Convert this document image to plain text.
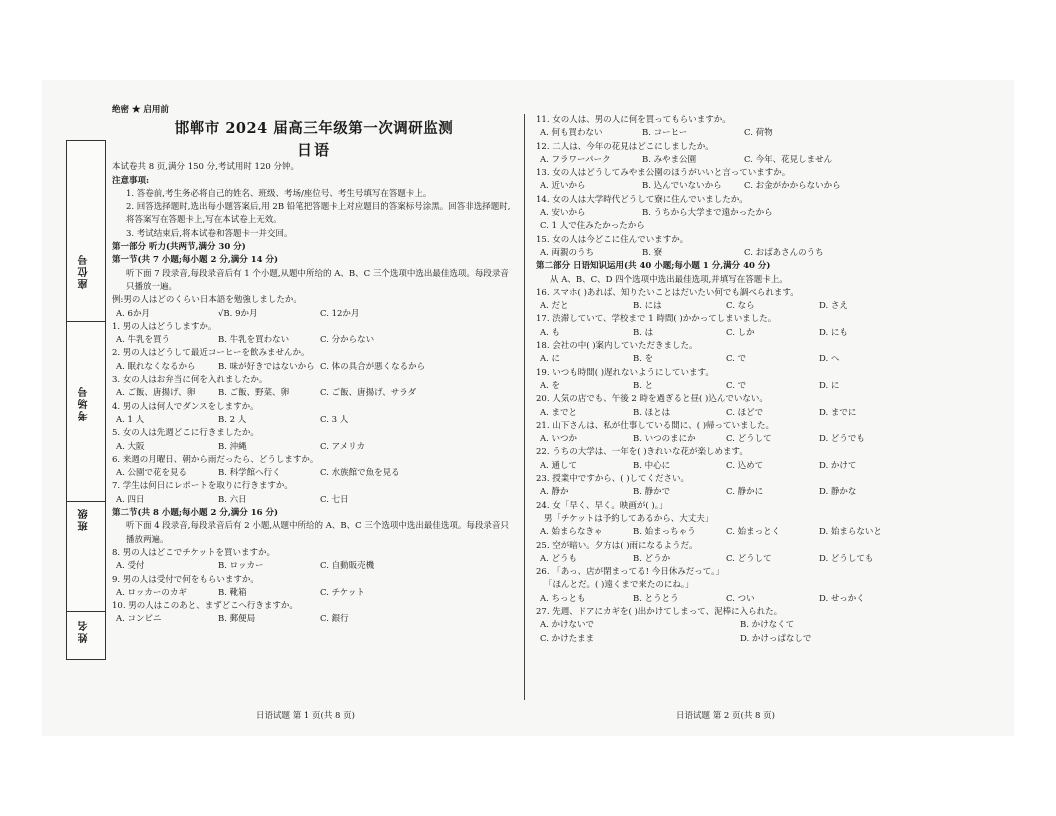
座位号
考场号
班级
姓名
绝密 ★ 启用前
邯郸市 2024 届高三年级第一次调研监测
日语
本试卷共 8 页,满分 150 分,考试用时 120 分钟。
注意事项:
1. 答卷前,考生务必将自己的姓名、班级、考场/座位号、考生号填写在答题卡上。
2. 回答选择题时,选出每小题答案后,用 2B 铅笔把答题卡上对应题目的答案标号涂黑。回答非选择题时,将答案写在答题卡上,写在本试卷上无效。
3. 考试结束后,将本试卷和答题卡一并交回。
第一部分 听力(共两节,满分 30 分)
第一节(共 7 小题;每小题 2 分,满分 14 分)
听下面 7 段录音,每段录音后有 1 个小题,从题中所给的 A、B、C 三个选项中选出最佳选项。每段录音只播放一遍。
例:男の人はどのくらい日本語を勉強しましたか。
A. 6か月	√B. 9か月	C. 12か月
1. 男の人はどうしますか。
A. 牛乳を買う	B. 牛乳を買わない	C. 分からない
2. 男の人はどうして最近コーヒーを飲みませんか。
A. 眠れなくなるから	B. 味が好きではないから C. 体の具合が悪くなるから
3. 女の人はお弁当に何を入れましたか。
A. ご飯、唐揚げ、卵	B. ご飯、野菜、卵	C. ご飯、唐揚げ、サラダ
4. 男の人は何人でダンスをしますか。
A. 1 人	B. 2 人	C. 3 人
5. 女の人は先週どこに行きましたか。
A. 大阪	B. 沖縄	C. アメリカ
6. 来週の月曜日、朝から雨だったら、どうしますか。
A. 公園で花を見る	B. 科学館へ行く	C. 水族館で魚を見る
7. 学生は何日にレポートを取りに行きますか。
A. 四日	B. 六日	C. 七日
第二节(共 8 小题;每小题 2 分,满分 16 分)
听下面 4 段录音,每段录音后有 2 小题,从题中所给的 A、B、C 三个选项中选出最佳选项。每段录音只播放两遍。
8. 男の人はどこでチケットを買いますか。
A. 受付	B. ロッカー	C. 自動販売機
9. 男の人は受付で何をもらいますか。
A. ロッカーのカギ	B. 靴箱	C. チケット
10. 男の人はこのあと、まずどこへ行きますか。
A. コンビニ	B. 郵便局	C. 銀行
11. 女の人は、男の人に何を買ってもらいますか。
A. 何も買わない	B. コーヒー	C. 荷物
12. 二人は、今年の花見はどこにしましたか。
A. フラワーパーク	B. みやま公園	C. 今年、花見しません
13. 女の人はどうしてみやま公園のほうがいいと言っていますか。
A. 近いから	B. 込んでいないから	C. お金がかからないから
14. 女の人は大学時代どうして寮に住んでいましたか。
A. 安いから	B. うちから大学まで遠かったから
C. 1 人で住みたかったから
15. 女の人は今どこに住んでいますか。
A. 両親のうち	B. 寮	C. おばあさんのうち
第二部分 日语知识运用(共 40 小题;每小题 1 分,满分 40 分)
从 A、B、C、D 四个选项中选出最佳选项,并填写在答题卡上。
16. スマホ( )あれば、知りたいことはだいたい何でも調べられます。
A. だと	B. には	C. なら	D. さえ
17. 渋滞していて、学校まで 1 時間( )かかってしまいました。
A. も	B. は	C. しか	D. にも
18. 会社の中( )案内していただきました。
A. に	B. を	C. で	D. へ
19. いつも時間( )遅れないようにしています。
A. を	B. と	C. で	D. に
20. 人気の店でも、午後 2 時を過ぎると昼( )込んでいない。
A. までと	B. ほとは	C. ほどで	D. までに
21. 山下さんは、私が仕事している間に、( )帰っていました。
A. いつか	B. いつのまにか	C. どうして	D. どうでも
22. うちの大学は、一年を( )きれいな花が楽しめます。
A. 通して	B. 中心に	C. 込めて	D. かけて
23. 授業中ですから、( )してください。
A. 静か	B. 静かで	C. 静かに	D. 静かな
24. 女「早く、早く。映画が( )。」
男「チケットは予約してあるから、大丈夫」
A. 始まらなきゃ	B. 始まっちゃう	C. 始まっとく	D. 始まらないと
25. 空が暗い。夕方は( )雨になるようだ。
A. どうも	B. どうか	C. どうして	D. どうしても
26. 「あっ、店が閉まってる! 今日休みだって。」
「ほんとだ。( )遠くまで来たのにね。」
A. ちっとも	B. とうとう	C. つい	D. せっかく
27. 先週、ドアにカギを( )出かけてしまって、泥棒に入られた。
A. かけないで	B. かけなくて
C. かけたまま	D. かけっぱなしで
日语试题 第 1 页(共 8 页)	日语试题 第 2 页(共 8 页)
